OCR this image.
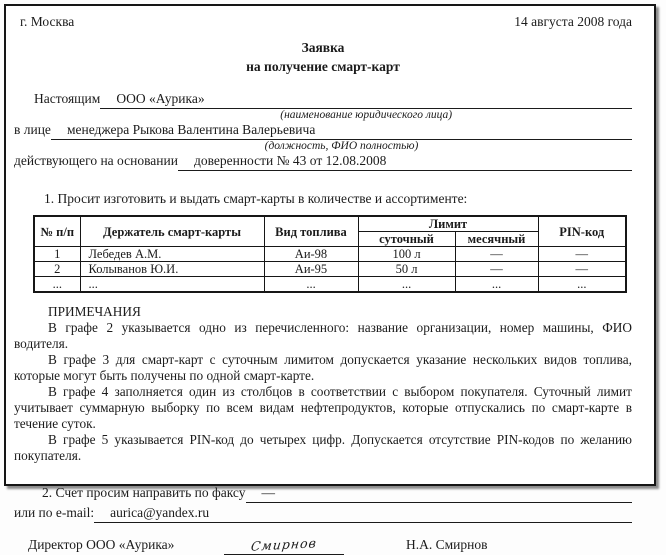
г. Москва	14 августа 2008 года
Заявка
на получение смарт-карт
Настоящим	ООО «Аурика»
(наименование юридического лица)
в лице	менеджера Рыкова Валентина Валерьевича
(должность, ФИО полностью)
действующего на основании	доверенности № 43 от 12.08.2008
1. Просит изготовить и выдать смарт-карты в количестве и ассортименте:
№ п/п	Держатель смарт-карты	Вид топлива	Лимит		PIN-код
			суточный	месячный	
1	Лебедев А.М.	Аи-98	100 л	—	—
2	Колыванов Ю.И.	Аи-95	50 л	—	—
...	...	...	...	...	...
ПРИМЕЧАНИЯ

В графе 2 указывается одно из перечисленного: название организации, номер машины, ФИО водителя.

В графе 3 для смарт-карт с суточным лимитом допускается указание нескольких видов топлива, которые могут быть получены по одной смарт-карте.

В графе 4 заполняется один из столбцов в соответствии с выбором покупателя. Суточный лимит учитывает суммарную выборку по всем видам нефтепродуктов, которые отпускались по смарт-карте в течение суток.

В графе 5 указывается PIN-код до четырех цифр. Допускается отсутствие PIN-кодов по желанию покупателя.

2. Счет просим направить по факсу	—
или по e-mail:	aurica@yandex.ru
Директор ООО «Аурика»	Смирнов	Н.А. Смирнов
